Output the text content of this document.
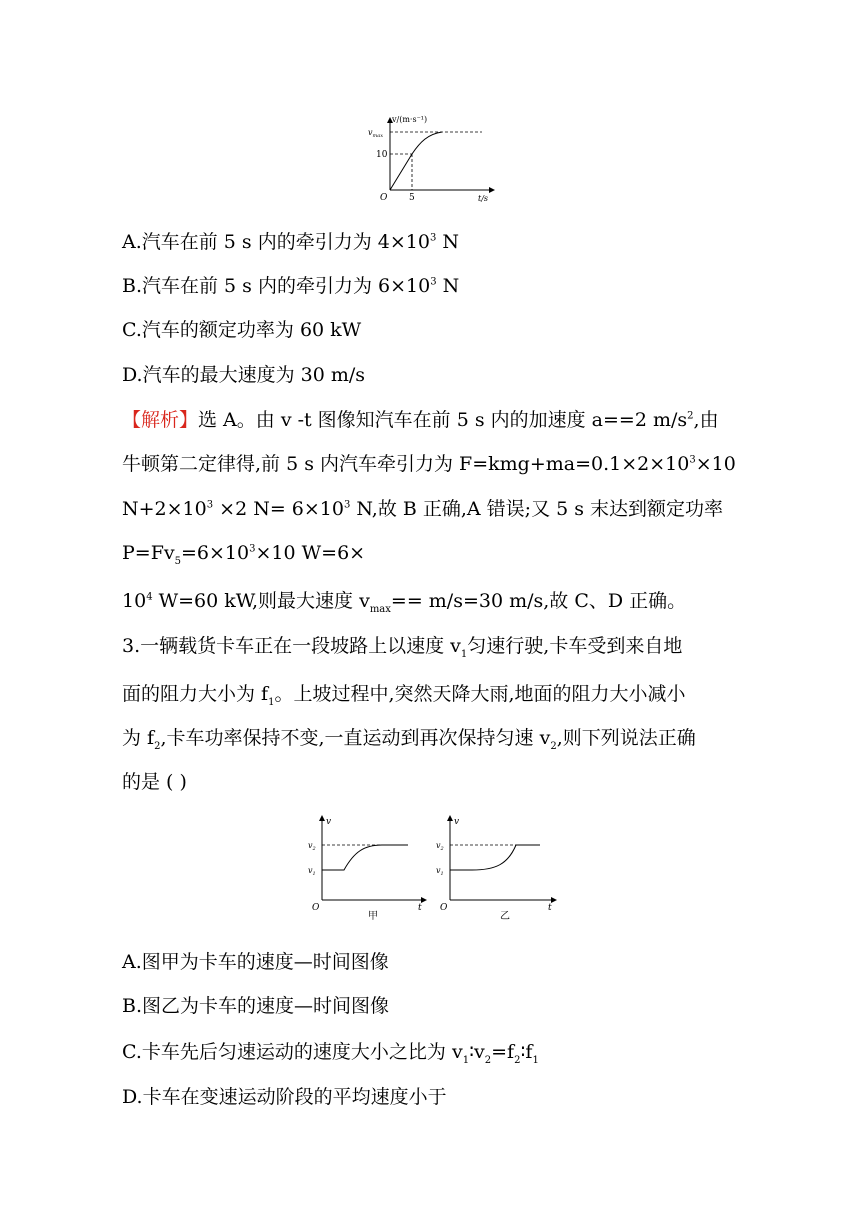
v/(m·s⁻¹)
$v_{max}$
10
O 5	t/s
A.汽车在前 5 s 内的牵引力为 $4\times 10^3$ N
B.汽车在前 5 s 内的牵引力为 $6\times 10^3$ N
C.汽车的额定功率为 60 kW
D.汽车的最大速度为 30 m/s
【解析】选 A。由 v -t 图像知汽车在前 5 s 内的加速度 a==2 $m/s^2$,由
牛顿第二定律得,前 5 s 内汽车牵引力为 $F=kmg+ma=0.1\times 2\times 10^3\times 10$
$N+2\times 10^3 \times 2$ $N= 6\times 10^3$ N,故 B 正确,A 错误;又 5 s 末达到额定功率
$P=Fv_5=6\times 10^3\times 10$ W=6×
$10^4$ W=60 kW,则最大速度 $v_{max}== m/s=30$ m/s,故 C、D 正确。
3.一辆载货卡车正在一段坡路上以速度 $v_1$匀速行驶,卡车受到来自地
面的阻力大小为 $f_1$。上坡过程中,突然天降大雨,地面的阻力大小减小
为 $f_2$,卡车功率保持不变,一直运动到再次保持匀速 $v_2$,则下列说法正确
的是 ( )
v
$v_2$
$v_1$
O	t
甲
v
$v_2$
$v_1$
O	t
乙
A.图甲为卡车的速度—时间图像
B.图乙为卡车的速度—时间图像
C.卡车先后匀速运动的速度大小之比为 $v_1∶v_2=f_2∶f_1$
D.卡车在变速运动阶段的平均速度小于
